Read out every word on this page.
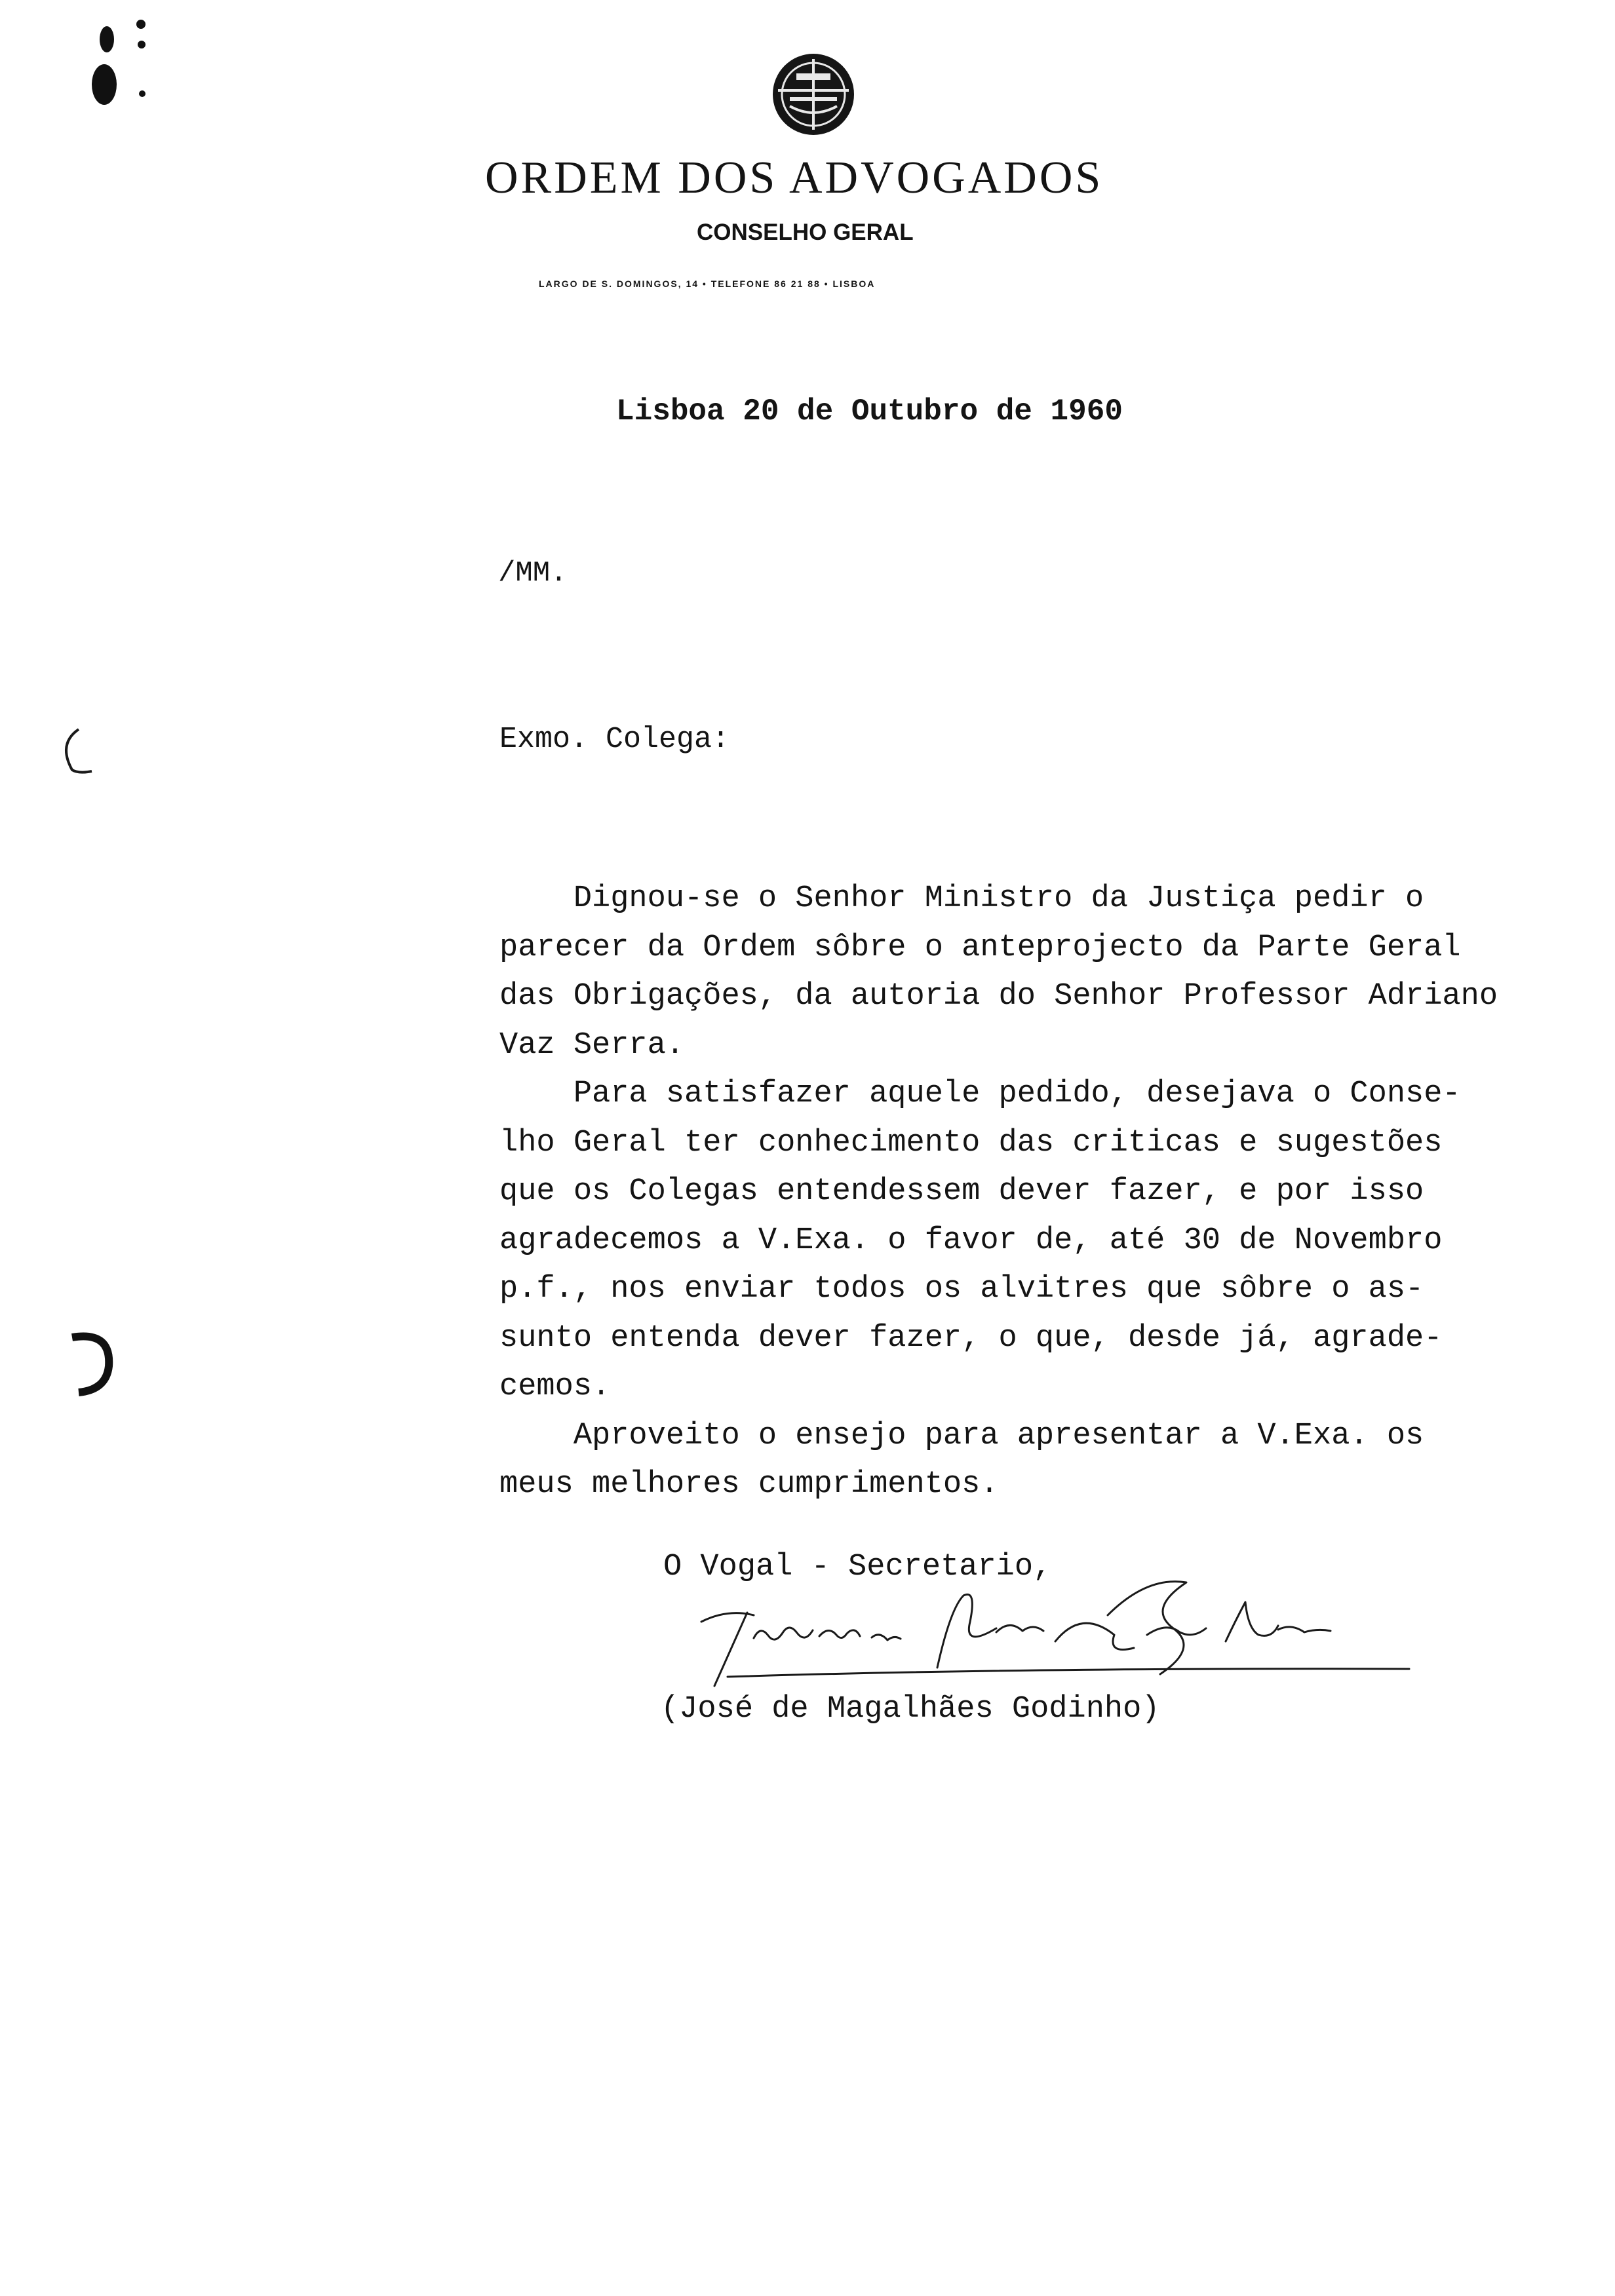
ORDEM DOS ADVOGADOS
CONSELHO GERAL
LARGO DE S. DOMINGOS, 14 • TELEFONE 86 21 88 • LISBOA
Lisboa 20 de Outubro de 1960
/MM.
Exmo. Colega:
Dignou-se o Senhor Ministro da Justiça pedir o
parecer da Ordem sôbre o anteprojecto da Parte Geral
das Obrigações, da autoria do Senhor Professor Adriano
Vaz Serra.
Para satisfazer aquele pedido, desejava o Conse-
lho Geral ter conhecimento das criticas e sugestões
que os Colegas entendessem dever fazer, e por isso
agradecemos a V.Exa. o favor de, até 30 de Novembro
p.f., nos enviar todos os alvitres que sôbre o as-
sunto entenda dever fazer, o que, desde já, agrade-
cemos.
Aproveito o ensejo para apresentar a V.Exa. os
meus melhores cumprimentos.
O Vogal - Secretario,
(José de Magalhães Godinho)
